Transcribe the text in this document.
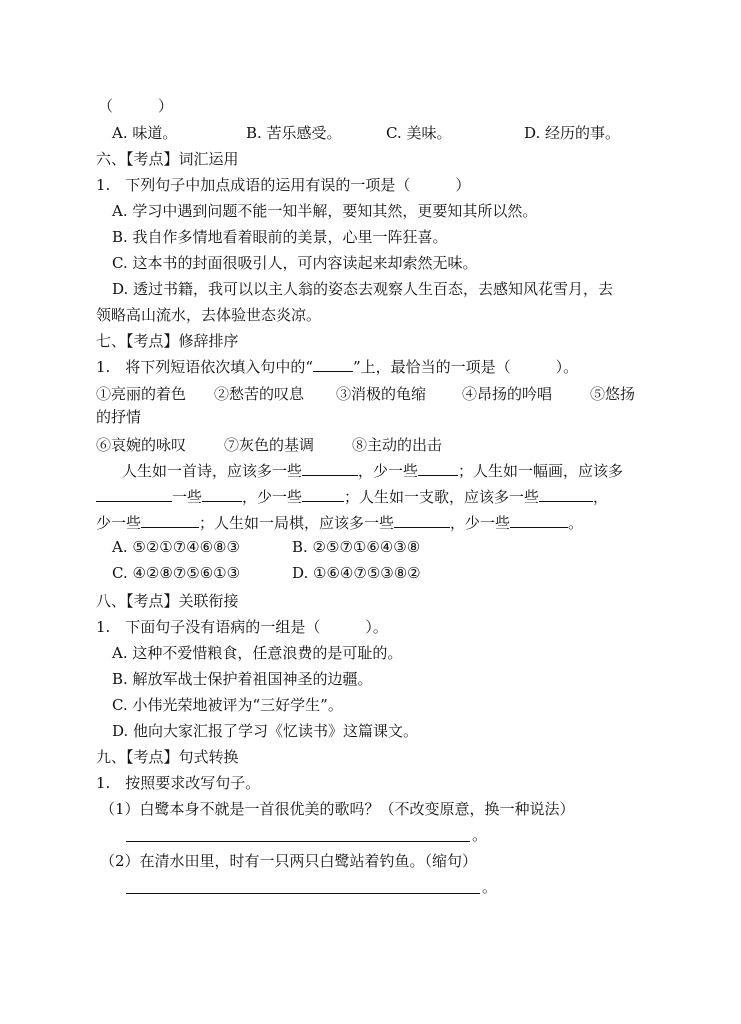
（　　　）
A. 味道。	B. 苦乐感受。	C. 美味。	D. 经历的事。
六、【考点】词汇运用
1.　下列句子中加点成语的运用有误的一项是（　　　）
A. 学习中遇到问题不能一知半解，要知其然，更要知其所以然。
B. 我自作多情地看着眼前的美景，心里一阵狂喜。
C. 这本书的封面很吸引人，可内容读起来却索然无味。
D. 透过书籍，我可以以主人翁的姿态去观察人生百态，去感知风花雪月，去
领略高山流水，去体验世态炎凉。
七、【考点】修辞排序
1.　将下列短语依次填入句中的“	”上，最恰当的一项是（　　　）。
①亮丽的着色 ②愁苦的叹息 ③消极的龟缩 ④昂扬的吟唱	⑤悠扬
的抒情
⑥哀婉的咏叹	⑦灰色的基调	⑧主动的出击
人生如一首诗，应该多一些	，少一些	；人生如一幅画，应该多
一些	，少一些	；人生如一支歌，应该多一些	，
少一些	；人生如一局棋，应该多一些	，少一些	。
A. ⑤②①⑦④⑥⑧③	B. ②⑤⑦①⑥④③⑧
C. ④②⑧⑦⑤⑥①③	D. ①⑥④⑦⑤③⑧②
八、【考点】关联衔接
1.　下面句子没有语病的一组是（　　　）。
A. 这种不爱惜粮食，任意浪费的是可耻的。
B. 解放军战士保护着祖国神圣的边疆。
C. 小伟光荣地被评为“三好学生”。
D. 他向大家汇报了学习《忆读书》这篇课文。
九、【考点】句式转换
1.　按照要求改写句子。
（1）白鹭本身不就是一首很优美的歌吗？（不改变原意，换一种说法）
。
（2）在清水田里，时有一只两只白鹭站着钓鱼。（缩句）
。
